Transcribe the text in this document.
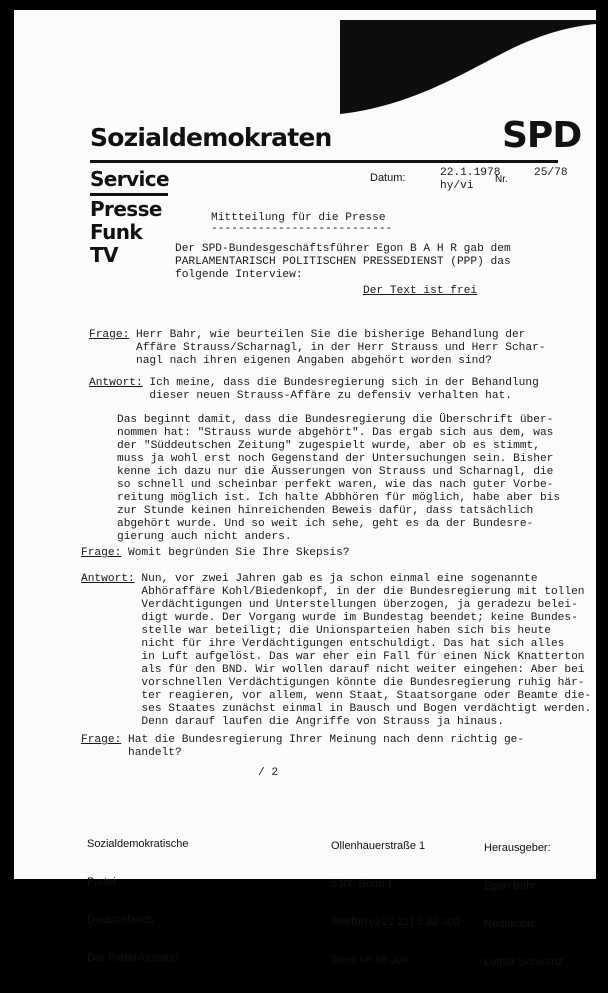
Sozialdemokraten	SPD
Service
Presse
Funk
TV
Datum:	22.1.1978
Nr.
25/78
hy/vi
Mittteilung für die Presse
---------------------------
Der SPD-Bundesgeschäftsführer Egon B A H R gab dem
PARLAMENTARISCH POLITISCHEN PRESSEDIENST (PPP) das
folgende Interview:
Der Text ist frei
Frage: Herr Bahr, wie beurteilen Sie die bisherige Behandlung der
Affäre Strauss/Scharnagl, in der Herr Strauss und Herr Schar-
nagl nach ihren eigenen Angaben abgehört worden sind?
Antwort: Ich meine, dass die Bundesregierung sich in der Behandlung
dieser neuen Strauss-Affäre zu defensiv verhalten hat.
Das beginnt damit, dass die Bundesregierung die Überschrift über-
nommen hat: "Strauss wurde abgehört". Das ergab sich aus dem, was
der "Süddeutschen Zeitung" zugespielt wurde, aber ob es stimmt,
muss ja wohl erst noch Gegenstand der Untersuchungen sein. Bisher
kenne ich dazu nur die Äusserungen von Strauss und Scharnagl, die
so schnell und scheinbar perfekt waren, wie das nach guter Vorbe-
reitung möglich ist. Ich halte Abbhören für möglich, habe aber bis
zur Stunde keinen hinreichenden Beweis dafür, dass tatsächlich
abgehört wurde. Und so weit ich sehe, geht es da der Bundesre-
gierung auch nicht anders.
Frage: Womit begründen Sie Ihre Skepsis?
Antwort: Nun, vor zwei Jahren gab es ja schon einmal eine sogenannte
Abhöraffäre Kohl/Biedenkopf, in der die Bundesregierung mit tollen
Verdächtigungen und Unterstellungen überzogen, ja geradezu belei-
digt wurde. Der Vorgang wurde im Bundestag beendet; keine Bundes-
stelle war beteiligt; die Unionsparteien haben sich bis heute
nicht für ihre Verdächtigungen entschuldigt. Das hat sich alles
in Luft aufgelöst. Das war eher ein Fall für einen Nick Knatterton
als für den BND. Wir wollen darauf nicht weiter eingehen: Aber bei
vorschnellen Verdächtigungen könnte die Bundesregierung ruhig här-
ter reagieren, vor allem, wenn Staat, Staatsorgane oder Beamte die-
ses Staates zunächst einmal in Bausch und Bogen verdächtigt werden.
Denn darauf laufen die Angriffe von Strauss ja hinaus.
Frage: Hat die Bundesregierung Ihrer Meinung nach denn richtig ge-
handelt?
/ 2

Sozialdemokratische

Partei

Deutschlands

Der Parteivorstand

Ollenhauerstraße 1

5300 Bonn 1

Telefon (0 22 21) 5 32-300

Telex 08 86 306

Herausgeber:

Egon Bahr

Redaktion:

Lothar Schwartz
